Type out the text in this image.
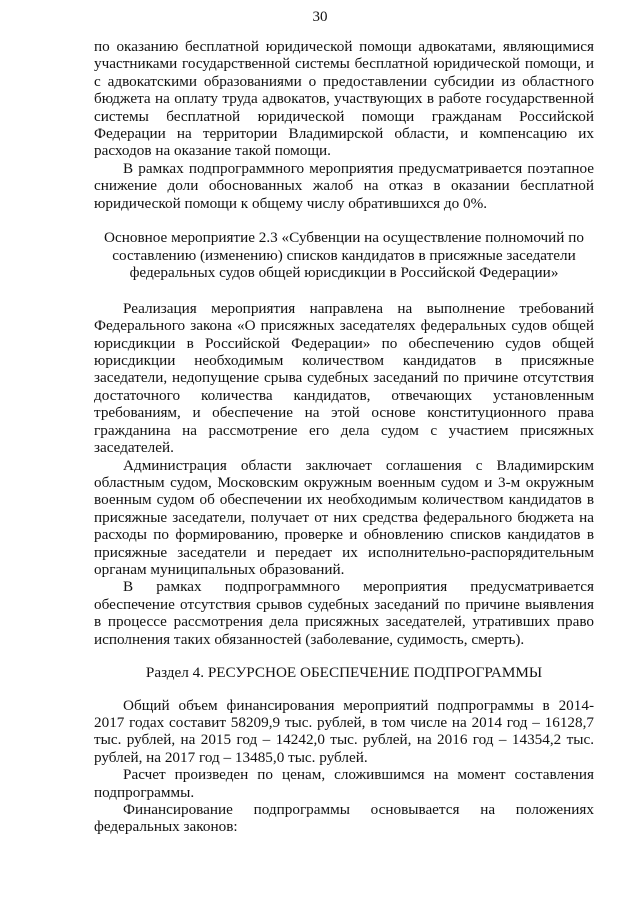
30

по оказанию бесплатной юридической помощи адвокатами, являющимися участниками государственной системы бесплатной юридической помощи, и с адвокатскими образованиями о предоставлении субсидии из областного бюджета на оплату труда адвокатов, участвующих в работе государственной системы бесплатной юридической помощи гражданам Российской Федерации на территории Владимирской области, и компенсацию их расходов на оказание такой помощи.

В рамках подпрограммного мероприятия предусматривается поэтапное снижение доли обоснованных жалоб на отказ в оказании бесплатной юридической помощи к общему числу обратившихся до 0%.

Основное мероприятие 2.3 «Субвенции на осуществление полномочий по составлению (изменению) списков кандидатов в присяжные заседатели федеральных судов общей юрисдикции в Российской Федерации»

Реализация мероприятия направлена на выполнение требований Федерального закона «О присяжных заседателях федеральных судов общей юрисдикции в Российской Федерации» по обеспечению судов общей юрисдикции необходимым количеством кандидатов в присяжные заседатели, недопущение срыва судебных заседаний по причине отсутствия достаточного количества кандидатов, отвечающих установленным требованиям, и обеспечение на этой основе конституционного права гражданина на рассмотрение его дела судом с участием присяжных заседателей.

Администрация области заключает соглашения с Владимирским областным судом, Московским окружным военным судом и 3-м окружным военным судом об обеспечении их необходимым количеством кандидатов в присяжные заседатели, получает от них средства федерального бюджета на расходы по формированию, проверке и обновлению списков кандидатов в присяжные заседатели и передает их исполнительно-распорядительным органам муниципальных образований.

В рамках подпрограммного мероприятия предусматривается обеспечение отсутствия срывов судебных заседаний по причине выявления в процессе рассмотрения дела присяжных заседателей, утративших право исполнения таких обязанностей (заболевание, судимость, смерть).

Раздел 4. РЕСУРСНОЕ ОБЕСПЕЧЕНИЕ ПОДПРОГРАММЫ

Общий объем финансирования мероприятий подпрограммы в 2014-2017 годах составит 58209,9 тыс. рублей, в том числе на 2014 год – 16128,7 тыс. рублей, на 2015 год – 14242,0 тыс. рублей, на 2016 год – 14354,2 тыс. рублей, на 2017 год – 13485,0 тыс. рублей.

Расчет произведен по ценам, сложившимся на момент составления подпрограммы.

Финансирование подпрограммы основывается на положениях федеральных законов:
